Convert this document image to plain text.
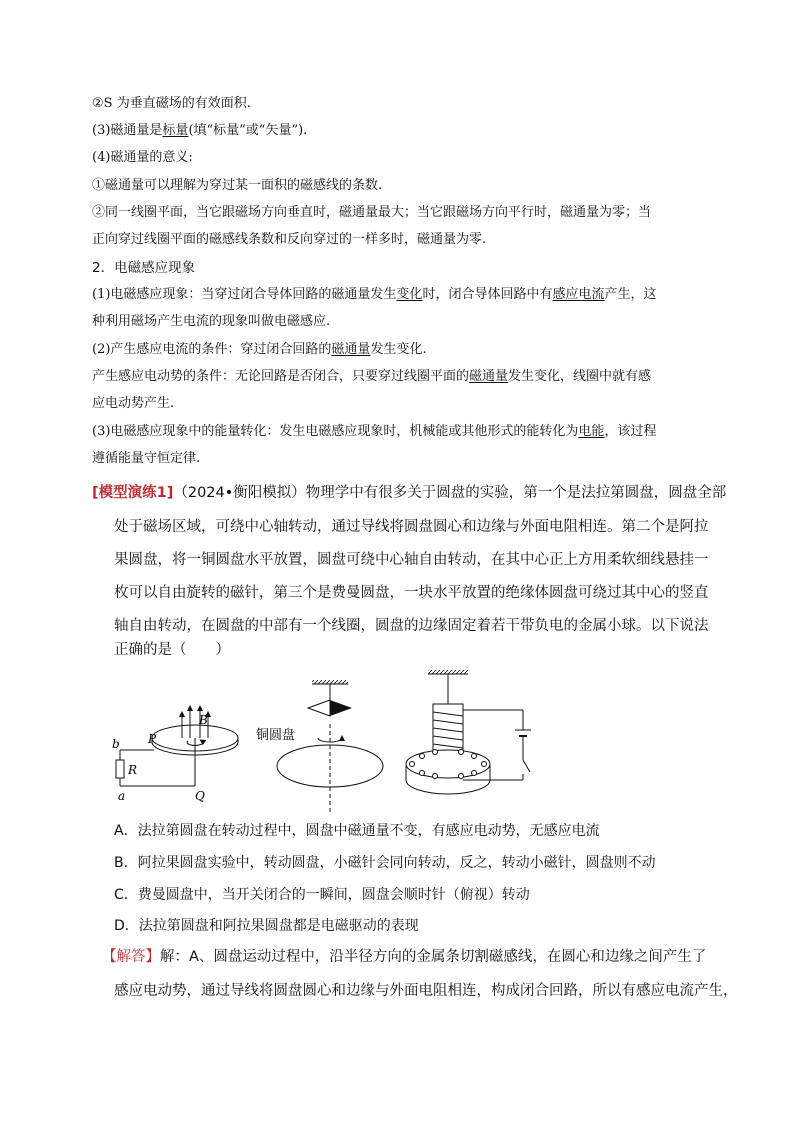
②S 为垂直磁场的有效面积.
(3)磁通量是标量(填“标量”或“矢量”).
(4)磁通量的意义:
①磁通量可以理解为穿过某一面积的磁感线的条数.
②同一线圈平面，当它跟磁场方向垂直时，磁通量最大；当它跟磁场方向平行时，磁通量为零；当
正向穿过线圈平面的磁感线条数和反向穿过的一样多时，磁通量为零.
2．电磁感应现象
(1)电磁感应现象：当穿过闭合导体回路的磁通量发生变化时，闭合导体回路中有感应电流产生，这
种利用磁场产生电流的现象叫做电磁感应.
(2)产生感应电流的条件：穿过闭合回路的磁通量发生变化.
产生感应电动势的条件：无论回路是否闭合，只要穿过线圈平面的磁通量发生变化，线圈中就有感
应电动势产生.
(3)电磁感应现象中的能量转化：发生电磁感应现象时，机械能或其他形式的能转化为电能，该过程
遵循能量守恒定律.
[模型演练1]（2024•衡阳模拟）物理学中有很多关于圆盘的实验，第一个是法拉第圆盘，圆盘全部
处于磁场区域，可绕中心轴转动，通过导线将圆盘圆心和边缘与外面电阻相连。第二个是阿拉
果圆盘，将一铜圆盘水平放置，圆盘可绕中心轴自由转动，在其中心正上方用柔软细线悬挂一
枚可以自由旋转的磁针，第三个是费曼圆盘，一块水平放置的绝缘体圆盘可绕过其中心的竖直
轴自由转动，在圆盘的中部有一个线圈，圆盘的边缘固定着若干带负电的金属小球。以下说法
正确的是（　　）
B
P
Q
b
R
a
铜圆盘
A．法拉第圆盘在转动过程中，圆盘中磁通量不变，有感应电动势，无感应电流
B．阿拉果圆盘实验中，转动圆盘，小磁针会同向转动，反之，转动小磁针，圆盘则不动
C．费曼圆盘中，当开关闭合的一瞬间，圆盘会顺时针（俯视）转动
D．法拉第圆盘和阿拉果圆盘都是电磁驱动的表现
【解答】解：A、圆盘运动过程中，沿半径方向的金属条切割磁感线，在圆心和边缘之间产生了
感应电动势，通过导线将圆盘圆心和边缘与外面电阻相连，构成闭合回路，所以有感应电流产生，
